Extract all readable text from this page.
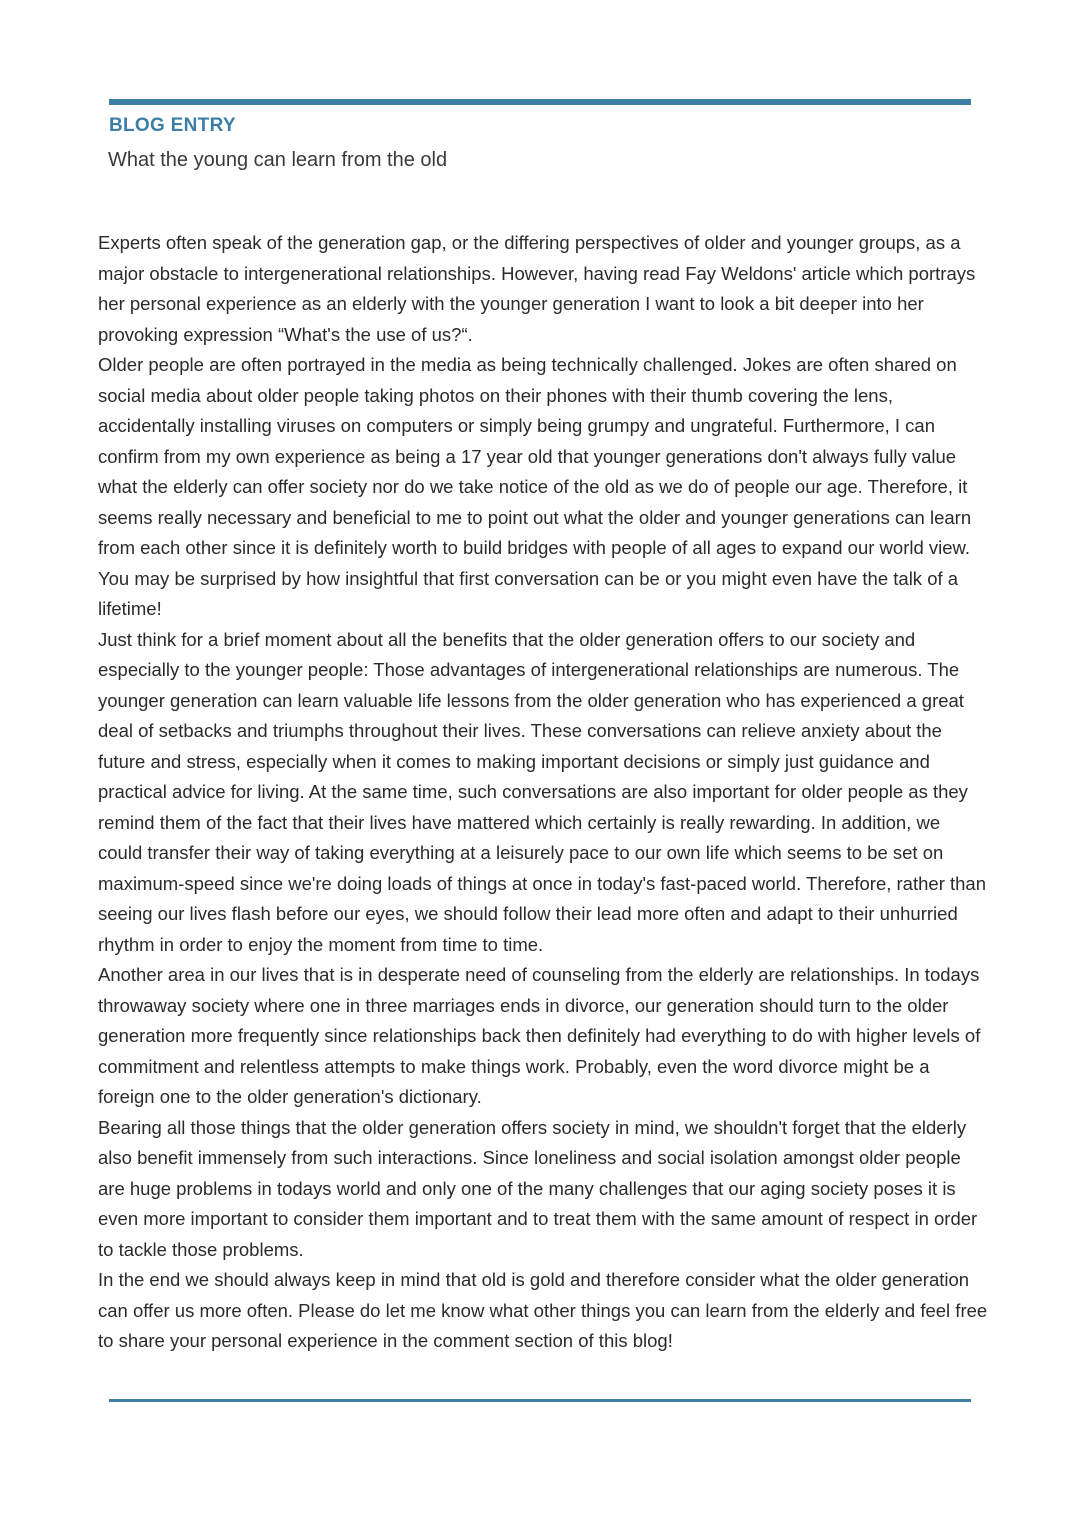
BLOG ENTRY
What the young can learn from the old

Experts often speak of the generation gap, or the differing perspectives of older and younger groups, as a major obstacle to intergenerational relationships. However, having read Fay Weldons' article which portrays her personal experience as an elderly with the younger generation I want to look a bit deeper into her provoking expression “What's the use of us?“.

Older people are often portrayed in the media as being technically challenged. Jokes are often shared on social media about older people taking photos on their phones with their thumb covering the lens, accidentally installing viruses on computers or simply being grumpy and ungrateful. Furthermore, I can confirm from my own experience as being a 17 year old that younger generations don't always fully value what the elderly can offer society nor do we take notice of the old as we do of people our age. Therefore, it seems really necessary and beneficial to me to point out what the older and younger generations can learn from each other since it is definitely worth to build bridges with people of all ages to expand our world view. You may be surprised by how insightful that first conversation can be or you might even have the talk of a lifetime!

Just think for a brief moment about all the benefits that the older generation offers to our society and especially to the younger people: Those advantages of intergenerational relationships are numerous. The younger generation can learn valuable life lessons from the older generation who has experienced a great deal of setbacks and triumphs throughout their lives. These conversations can relieve anxiety about the future and stress, especially when it comes to making important decisions or simply just guidance and practical advice for living. At the same time, such conversations are also important for older people as they remind them of the fact that their lives have mattered which certainly is really rewarding. In addition, we could transfer their way of taking everything at a leisurely pace to our own life which seems to be set on maximum-speed since we're doing loads of things at once in today's fast-paced world. Therefore, rather than seeing our lives flash before our eyes, we should follow their lead more often and adapt to their unhurried rhythm in order to enjoy the moment from time to time.

Another area in our lives that is in desperate need of counseling from the elderly are relationships. In todays throwaway society where one in three marriages ends in divorce, our generation should turn to the older generation more frequently since relationships back then definitely had everything to do with higher levels of commitment and relentless attempts to make things work. Probably, even the word divorce might be a foreign one to the older generation's dictionary.

Bearing all those things that the older generation offers society in mind, we shouldn't forget that the elderly also benefit immensely from such interactions. Since loneliness and social isolation amongst older people are huge problems in todays world and only one of the many challenges that our aging society poses it is even more important to consider them important and to treat them with the same amount of respect in order to tackle those problems.

In the end we should always keep in mind that old is gold and therefore consider what the older generation can offer us more often. Please do let me know what other things you can learn from the elderly and feel free to share your personal experience in the comment section of this blog!
